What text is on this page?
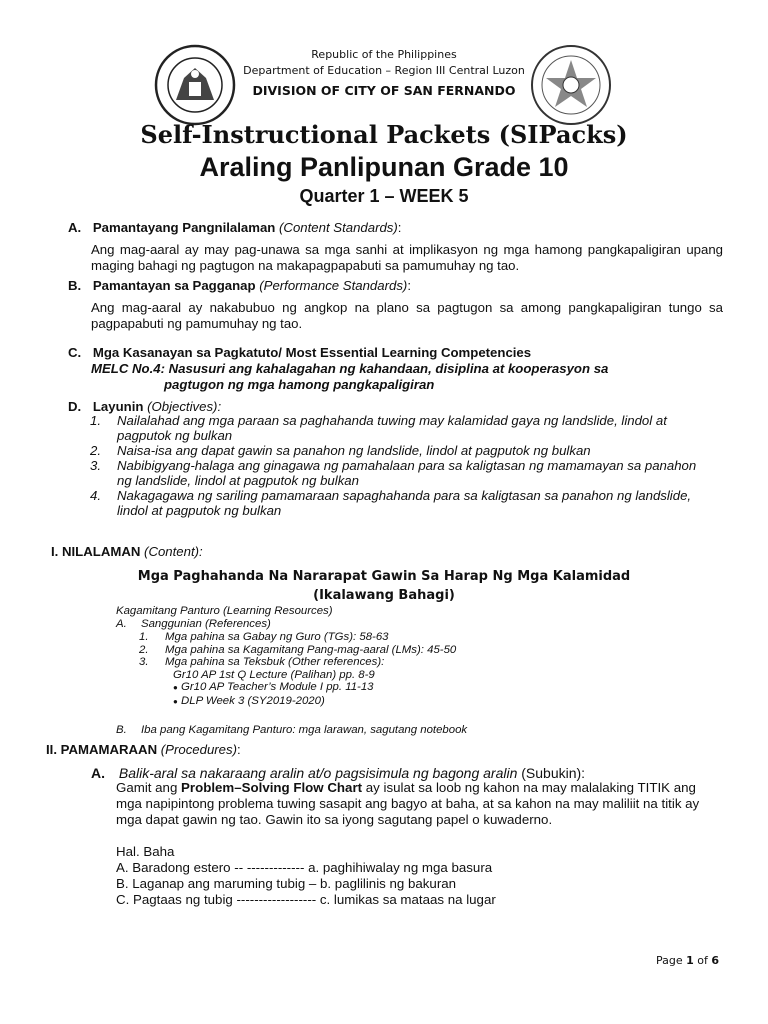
Republic of the Philippines
Department of Education – Region III Central Luzon
DIVISION OF CITY OF SAN FERNANDO
Self-Instructional Packets (SIPacks)
Araling Panlipunan Grade 10
Quarter 1 – WEEK 5
A. Pamantayang Pangnilalaman (Content Standards):
Ang mag-aaral ay may pag-unawa sa mga sanhi at implikasyon ng mga hamong pangkapaligiran upang maging bahagi ng pagtugon na makapagpapabuti sa pamumuhay ng tao.
B. Pamantayan sa Pagganap (Performance Standards):
Ang mag-aaral ay nakabubuo ng angkop na plano sa pagtugon sa among pangkapaligiran tungo sa pagpapabuti ng pamumuhay ng tao.
C. Mga Kasanayan sa Pagkatuto/ Most Essential Learning Competencies
MELC No.4: Nasusuri ang kahalagahan ng kahandaan, disiplina at kooperasyon sa
pagtugon ng mga hamong pangkapaligiran
D. Layunin (Objectives):
1.	Nailalahad ang mga paraan sa paghahanda tuwing may kalamidad gaya ng landslide, lindol at
pagputok ng bulkan
2.	Naisa-isa ang dapat gawin sa panahon ng landslide, lindol at pagputok ng bulkan
3.	Nabibigyang-halaga ang ginagawa ng pamahalaan para sa kaligtasan ng mamamayan sa panahon
ng landslide, lindol at pagputok ng bulkan
4.	Nakagagawa ng sariling pamamaraan sapaghahanda para sa kaligtasan sa panahon ng landslide,
lindol at pagputok ng bulkan
I. NILALAMAN (Content):
Mga Paghahanda Na Nararapat Gawin Sa Harap Ng Mga Kalamidad
(Ikalawang Bahagi)
Kagamitang Panturo (Learning Resources)
A.	Sanggunian (References)
1.	Mga pahina sa Gabay ng Guro (TGs): 58-63
2.	Mga pahina sa Kagamitang Pang-mag-aaral (LMs): 45-50
3.	Mga pahina sa Teksbuk (Other references):
Gr10 AP 1st Q Lecture (Palihan) pp. 8-9
● Gr10 AP Teacher’s Module I pp. 11-13
● DLP Week 3 (SY2019-2020)
B.	Iba pang Kagamitang Panturo: mga larawan, sagutang notebook
II. PAMAMARAAN (Procedures):
A. Balik-aral sa nakaraang aralin at/o pagsisimula ng bagong aralin (Subukin):
Gamit ang Problem–Solving Flow Chart ay isulat sa loob ng kahon na may malalaking TITIK ang
mga napipintong problema tuwing sasapit ang bagyo at baha, at sa kahon na may maliliit na titik ay
mga dapat gawin ng tao. Gawin ito sa iyong sagutang papel o kuwaderno.
Hal. Baha
A. Baradong estero -- ------------- a. paghihiwalay ng mga basura
B. Laganap ang maruming tubig – b. paglilinis ng bakuran
C. Pagtaas ng tubig ------------------ c. lumikas sa mataas na lugar
Page 1 of 6
